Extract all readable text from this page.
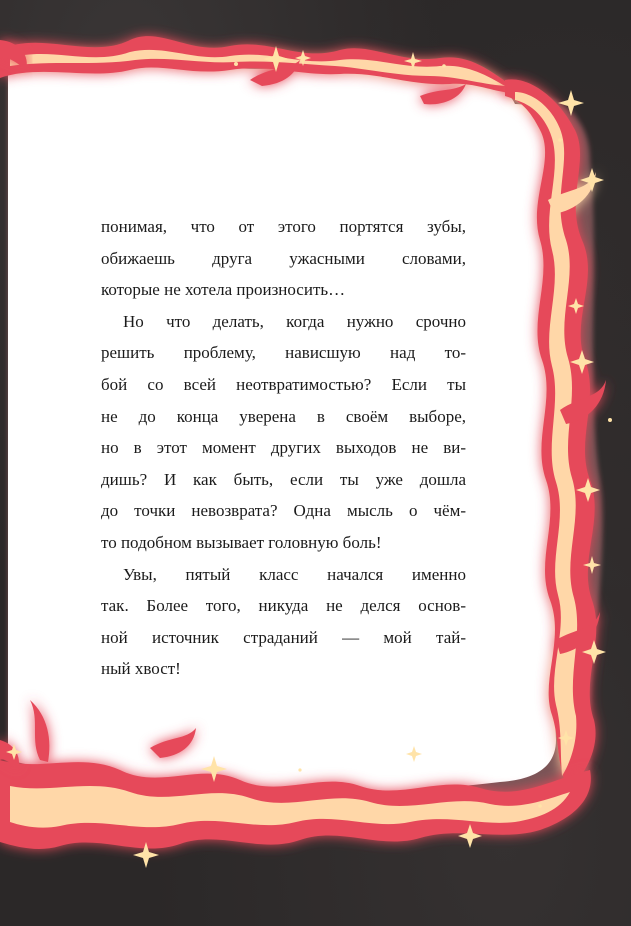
понимая, что от этого портятся зубы,
обижаешь друга ужасными словами,
которые не хотела произносить…
Но что делать, когда нужно срочно
решить проблему, нависшую над то-
бой со всей неотвратимостью? Если ты
не до конца уверена в своём выборе,
но в этот момент других выходов не ви-
дишь? И как быть, если ты уже дошла
до точки невозврата? Одна мысль о чём-
то подобном вызывает головную боль!
Увы, пятый класс начался именно
так. Более того, никуда не делся основ-
ной источник страданий — мой тай-
ный хвост!
